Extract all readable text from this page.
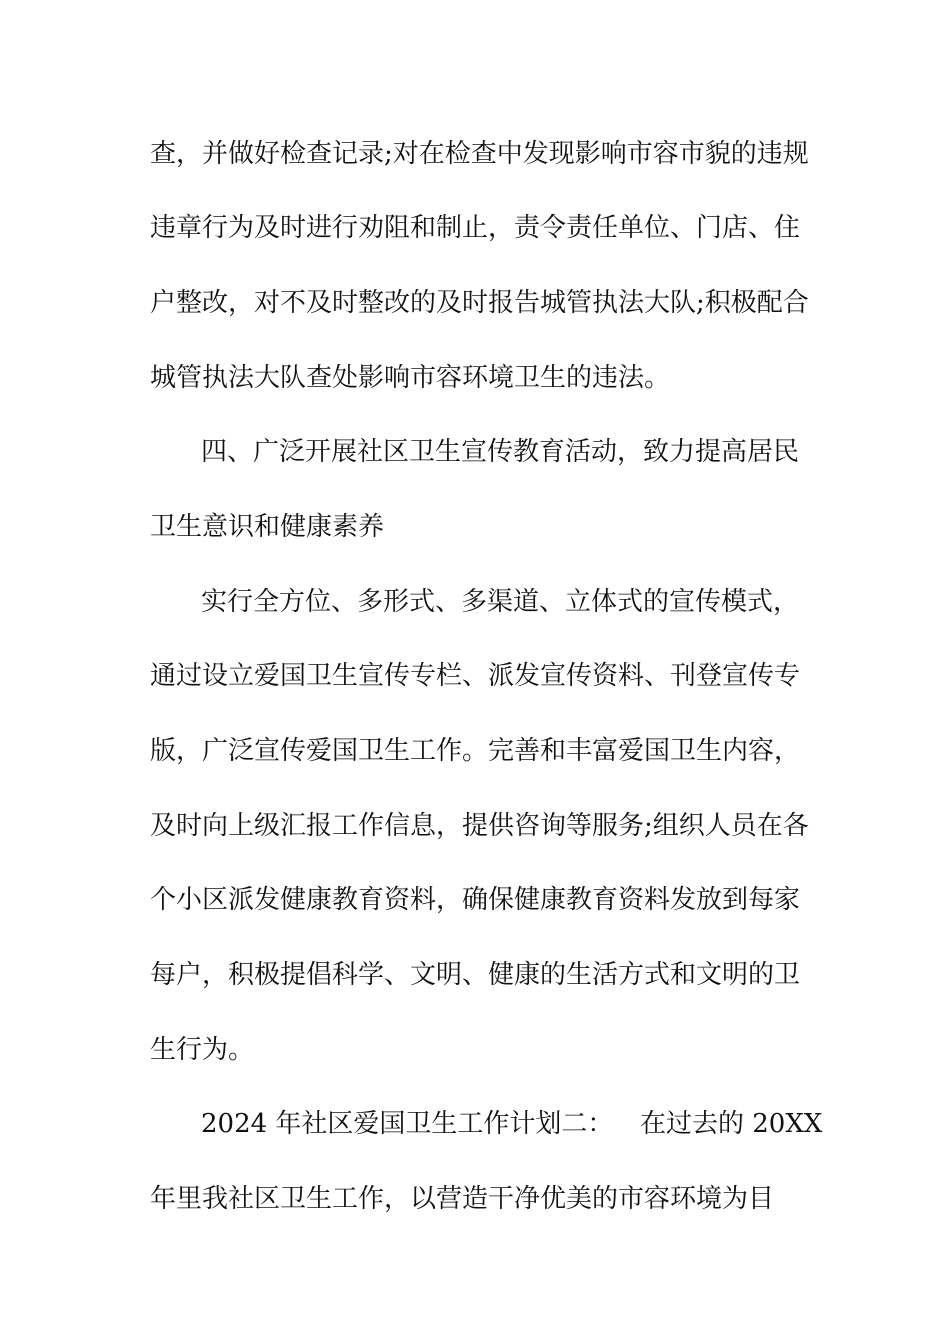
查，并做好检查记录;对在检查中发现影响市容市貌的违规
违章行为及时进行劝阻和制止，责令责任单位、门店、住
户整改，对不及时整改的及时报告城管执法大队;积极配合
城管执法大队查处影响市容环境卫生的违法。
四、广泛开展社区卫生宣传教育活动，致力提高居民
卫生意识和健康素养
实行全方位、多形式、多渠道、立体式的宣传模式，
通过设立爱国卫生宣传专栏、派发宣传资料、刊登宣传专
版，广泛宣传爱国卫生工作。完善和丰富爱国卫生内容，
及时向上级汇报工作信息，提供咨询等服务;组织人员在各
个小区派发健康教育资料，确保健康教育资料发放到每家
每户，积极提倡科学、文明、健康的生活方式和文明的卫
生行为。
2024 年社区爱国卫生工作计划二： 在过去的 20XX
年里我社区卫生工作，以营造干净优美的市容环境为目
